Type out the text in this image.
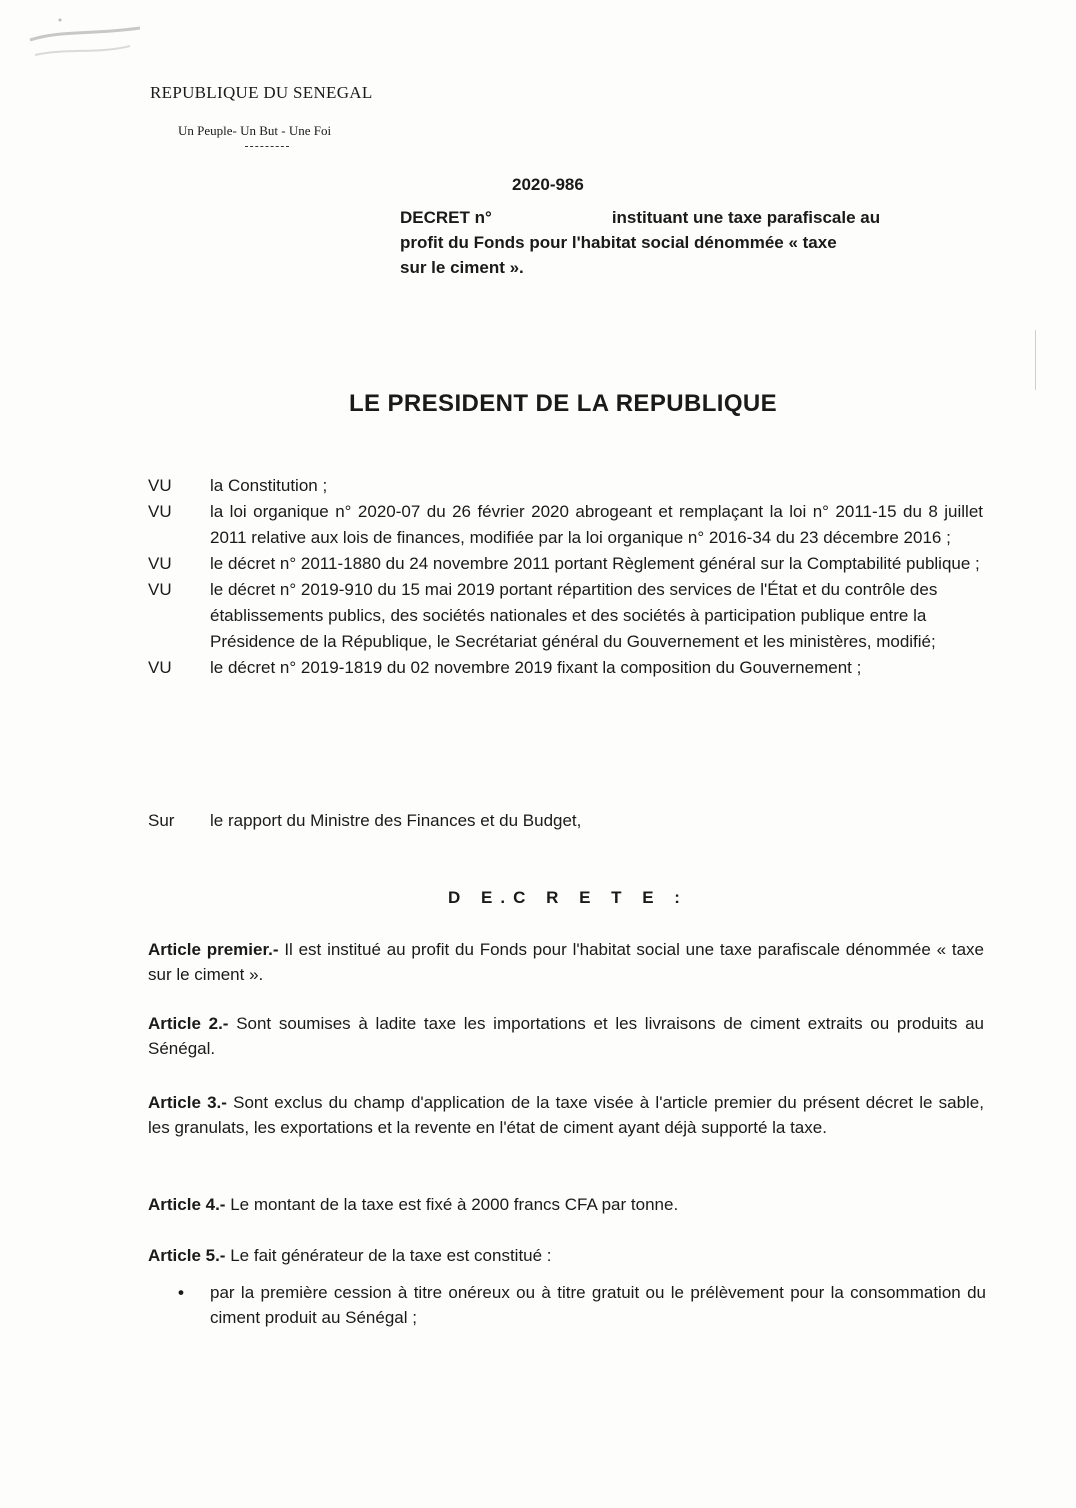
REPUBLIQUE DU SENEGAL
Un Peuple- Un But - Une Foi
2020-986
DECRET n°	instituant une taxe parafiscale au
profit du Fonds pour l'habitat social dénommée « taxe
sur le ciment ».
LE PRESIDENT DE LA REPUBLIQUE
VU	la Constitution ;
VU	la loi organique n° 2020-07 du 26 février 2020 abrogeant et remplaçant la loi n° 2011-15 du 8 juillet 2011 relative aux lois de finances, modifiée par la loi organique n° 2016-34 du 23 décembre 2016 ;
VU	le décret n° 2011-1880 du 24 novembre 2011 portant Règlement général sur la Comptabilité publique ;
VU	le décret n° 2019-910 du 15 mai 2019 portant répartition des services de l'État et du contrôle des établissements publics, des sociétés nationales et des sociétés à participation publique entre la Présidence de la République, le Secrétariat général du Gouvernement et les ministères, modifié;
VU	le décret n° 2019-1819 du 02 novembre 2019 fixant la composition du Gouvernement ;
Sur	le rapport du Ministre des Finances et du Budget,
D E.C R E T E :
Article premier.- Il est institué au profit du Fonds pour l'habitat social une taxe parafiscale dénommée « taxe sur le ciment ».
Article 2.- Sont soumises à ladite taxe les importations et les livraisons de ciment extraits ou produits au Sénégal.
Article 3.- Sont exclus du champ d'application de la taxe visée à l'article premier du présent décret le sable, les granulats, les exportations et la revente en l'état de ciment ayant déjà supporté la taxe.
Article 4.- Le montant de la taxe est fixé à 2000 francs CFA par tonne.
Article 5.- Le fait générateur de la taxe est constitué :
•	par la première cession à titre onéreux ou à titre gratuit ou le prélèvement pour la consommation du ciment produit au Sénégal ;
